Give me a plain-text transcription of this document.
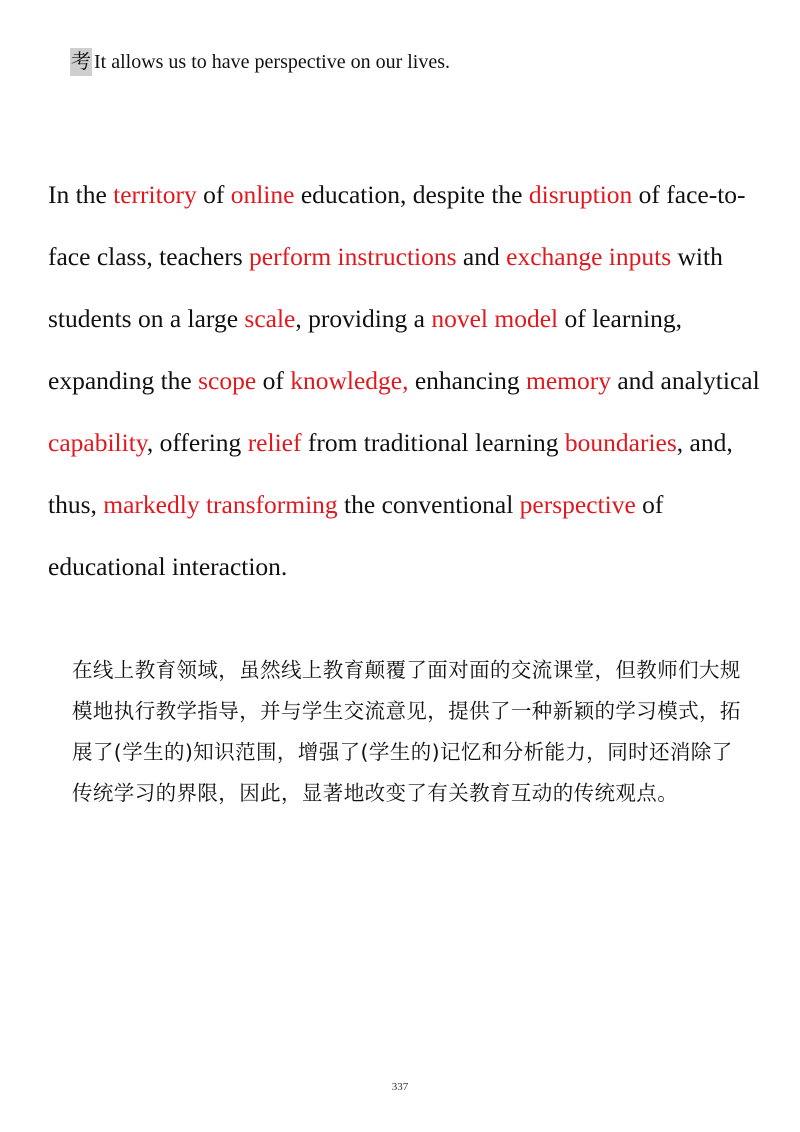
考 It allows us to have perspective on our lives.

In the territory of online education, despite the disruption of face-to-face class, teachers perform instructions and exchange inputs with students on a large scale, providing a novel model of learning, expanding the scope of knowledge, enhancing memory and analytical capability, offering relief from traditional learning boundaries, and, thus, markedly transforming the conventional perspective of educational interaction.

在线上教育领域，虽然线上教育颠覆了面对面的交流课堂，但教师们大规模地执行教学指导，并与学生交流意见，提供了一种新颖的学习模式，拓展了(学生的)知识范围，增强了(学生的)记忆和分析能力，同时还消除了传统学习的界限，因此，显著地改变了有关教育互动的传统观点。

337
